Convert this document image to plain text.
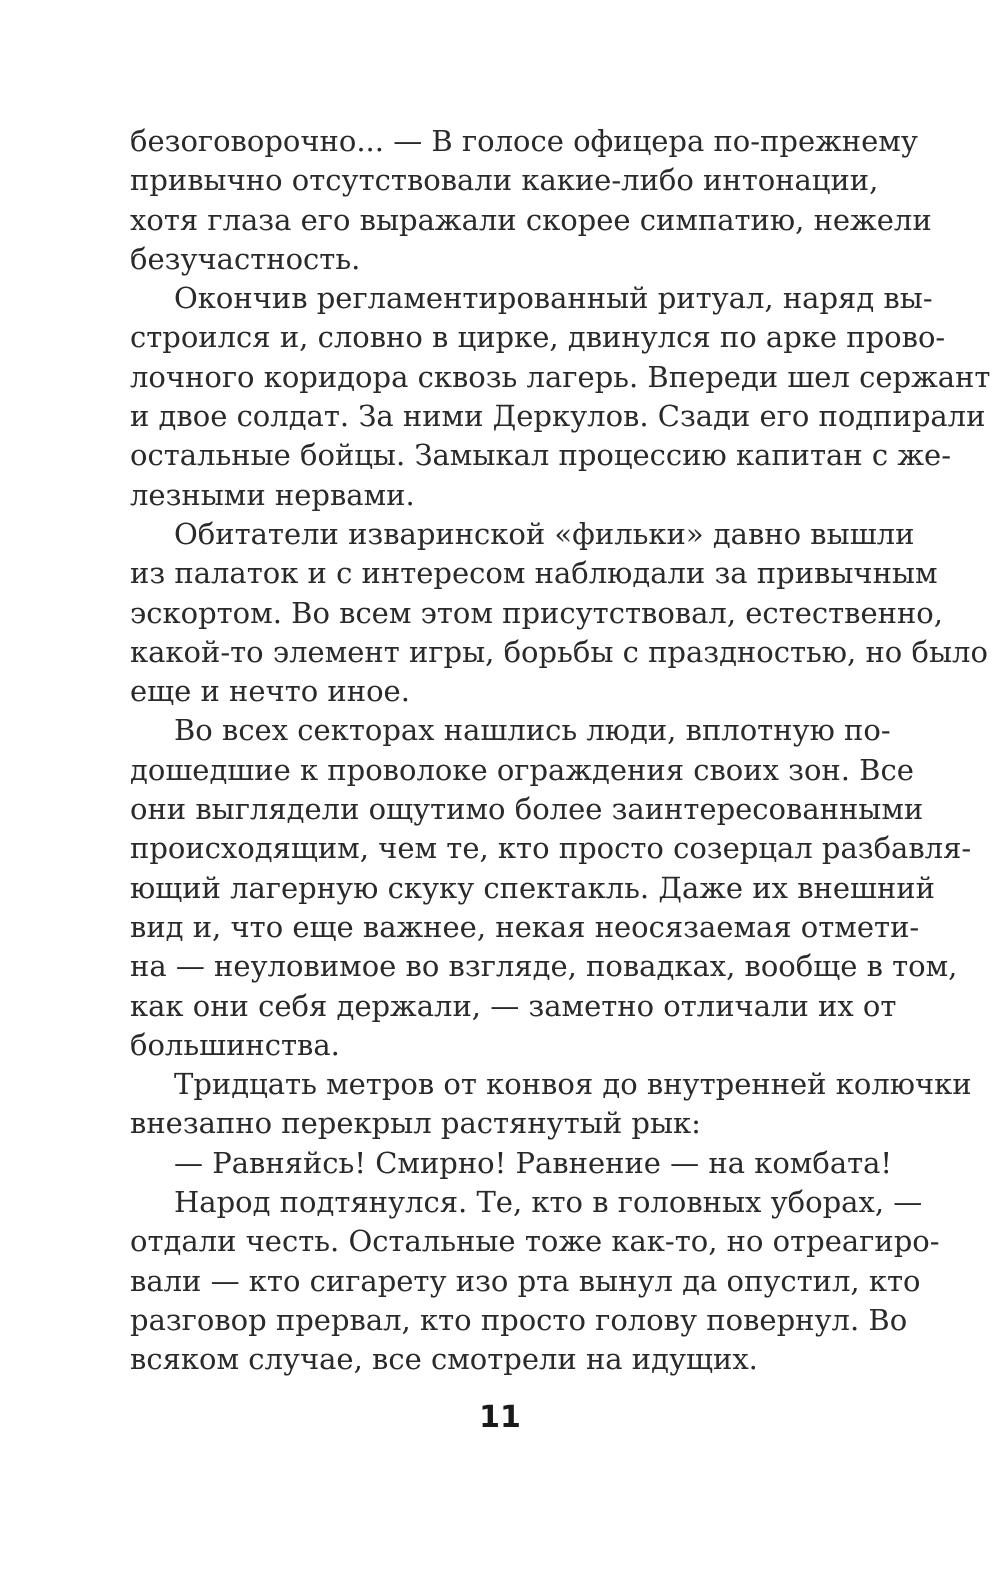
безоговорочно... — В голосе офицера по-прежнему
привычно отсутствовали какие-либо интонации,
хотя глаза его выражали скорее симпатию, нежели
безучастность.
Окончив регламентированный ритуал, наряд вы-
строился и, словно в цирке, двинулся по арке прово-
лочного коридора сквозь лагерь. Впереди шел сержант
и двое солдат. За ними Деркулов. Сзади его подпирали
остальные бойцы. Замыкал процессию капитан с же-
лезными нервами.
Обитатели изваринской «фильки» давно вышли
из палаток и с интересом наблюдали за привычным
эскортом. Во всем этом присутствовал, естественно,
какой-то элемент игры, борьбы с праздностью, но было
еще и нечто иное.
Во всех секторах нашлись люди, вплотную по-
дошедшие к проволоке ограждения своих зон. Все
они выглядели ощутимо более заинтересованными
происходящим, чем те, кто просто созерцал разбавля-
ющий лагерную скуку спектакль. Даже их внешний
вид и, что еще важнее, некая неосязаемая отмети-
на — неуловимое во взгляде, повадках, вообще в том,
как они себя держали, — заметно отличали их от
большинства.
Тридцать метров от конвоя до внутренней колючки
внезапно перекрыл растянутый рык:
— Равняйсь! Смирно! Равнение — на комбата!
Народ подтянулся. Те, кто в головных уборах, —
отдали честь. Остальные тоже как-то, но отреагиро-
вали — кто сигарету изо рта вынул да опустил, кто
разговор прервал, кто просто голову повернул. Во
всяком случае, все смотрели на идущих.
11
